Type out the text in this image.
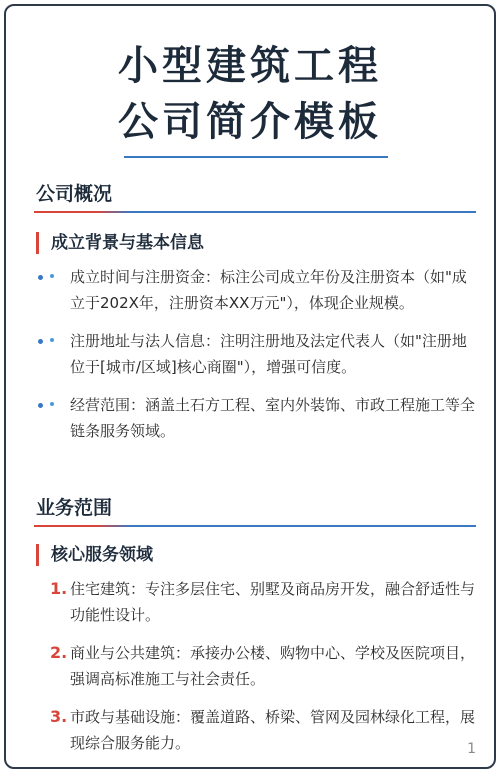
小型建筑工程
公司简介模板
公司概况
成立背景与基本信息
成立时间与注册资金：标注公司成立年份及注册资本（如"成立于202X年，注册资本XX万元"），体现企业规模。
注册地址与法人信息：注明注册地及法定代表人（如"注册地位于[城市/区域]核心商圈"），增强可信度。
经营范围：涵盖土石方工程、室内外装饰、市政工程施工等全链条服务领域。
业务范围
核心服务领域
1. 住宅建筑：专注多层住宅、别墅及商品房开发，融合舒适性与功能性设计。
2. 商业与公共建筑：承接办公楼、购物中心、学校及医院项目，强调高标准施工与社会责任。
3. 市政与基础设施：覆盖道路、桥梁、管网及园林绿化工程，展现综合服务能力。	1
